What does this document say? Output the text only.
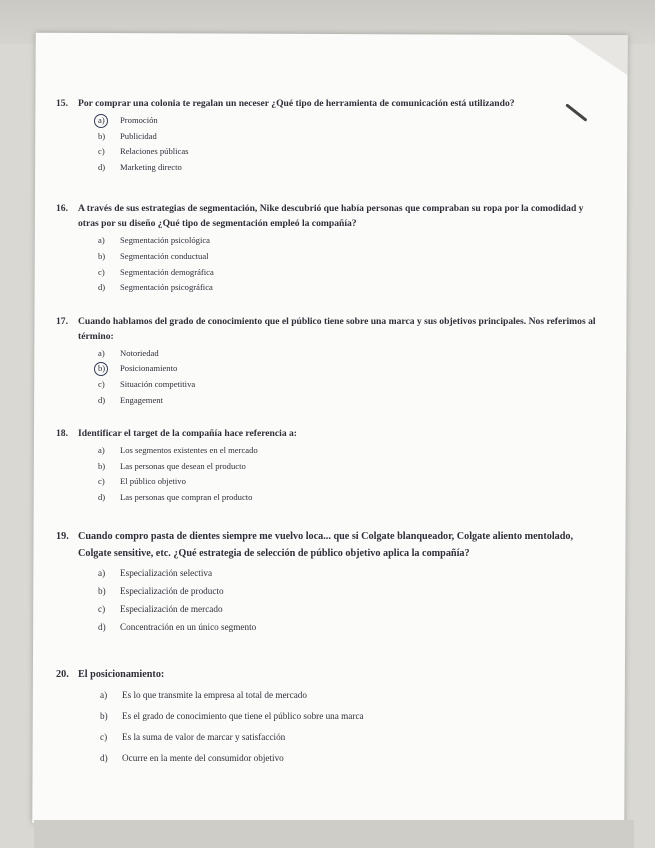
15.	Por comprar una colonia te regalan un neceser ¿Qué tipo de herramienta de comunicación está utilizando?
a)	Promoción
b)	Publicidad
c)	Relaciones públicas
d)	Marketing directo
16.	A través de sus estrategias de segmentación, Nike descubrió que había personas que compraban su ropa por la comodidad y otras por su diseño ¿Qué tipo de segmentación empleó la compañía?
a)	Segmentación psicológica
b)	Segmentación conductual
c)	Segmentación demográfica
d)	Segmentación psicográfica
17.	Cuando hablamos del grado de conocimiento que el público tiene sobre una marca y sus objetivos principales. Nos referimos al término:
a)	Notoriedad
b)	Posicionamiento
c)	Situación competitiva
d)	Engagement
18.	Identificar el target de la compañía hace referencia a:
a)	Los segmentos existentes en el mercado
b)	Las personas que desean el producto
c)	El público objetivo
d)	Las personas que compran el producto
19. Cuando compro pasta de dientes siempre me vuelvo loca... que si Colgate blanqueador, Colgate aliento mentolado, Colgate sensitive, etc. ¿Qué estrategia de selección de público objetivo aplica la compañía?
a)	Especialización selectiva
b)	Especialización de producto
c)	Especialización de mercado
d)	Concentración en un único segmento
20. El posicionamiento:
a)	Es lo que transmite la empresa al total de mercado
b)	Es el grado de conocimiento que tiene el público sobre una marca
c)	Es la suma de valor de marcar y satisfacción
d)	Ocurre en la mente del consumidor objetivo
